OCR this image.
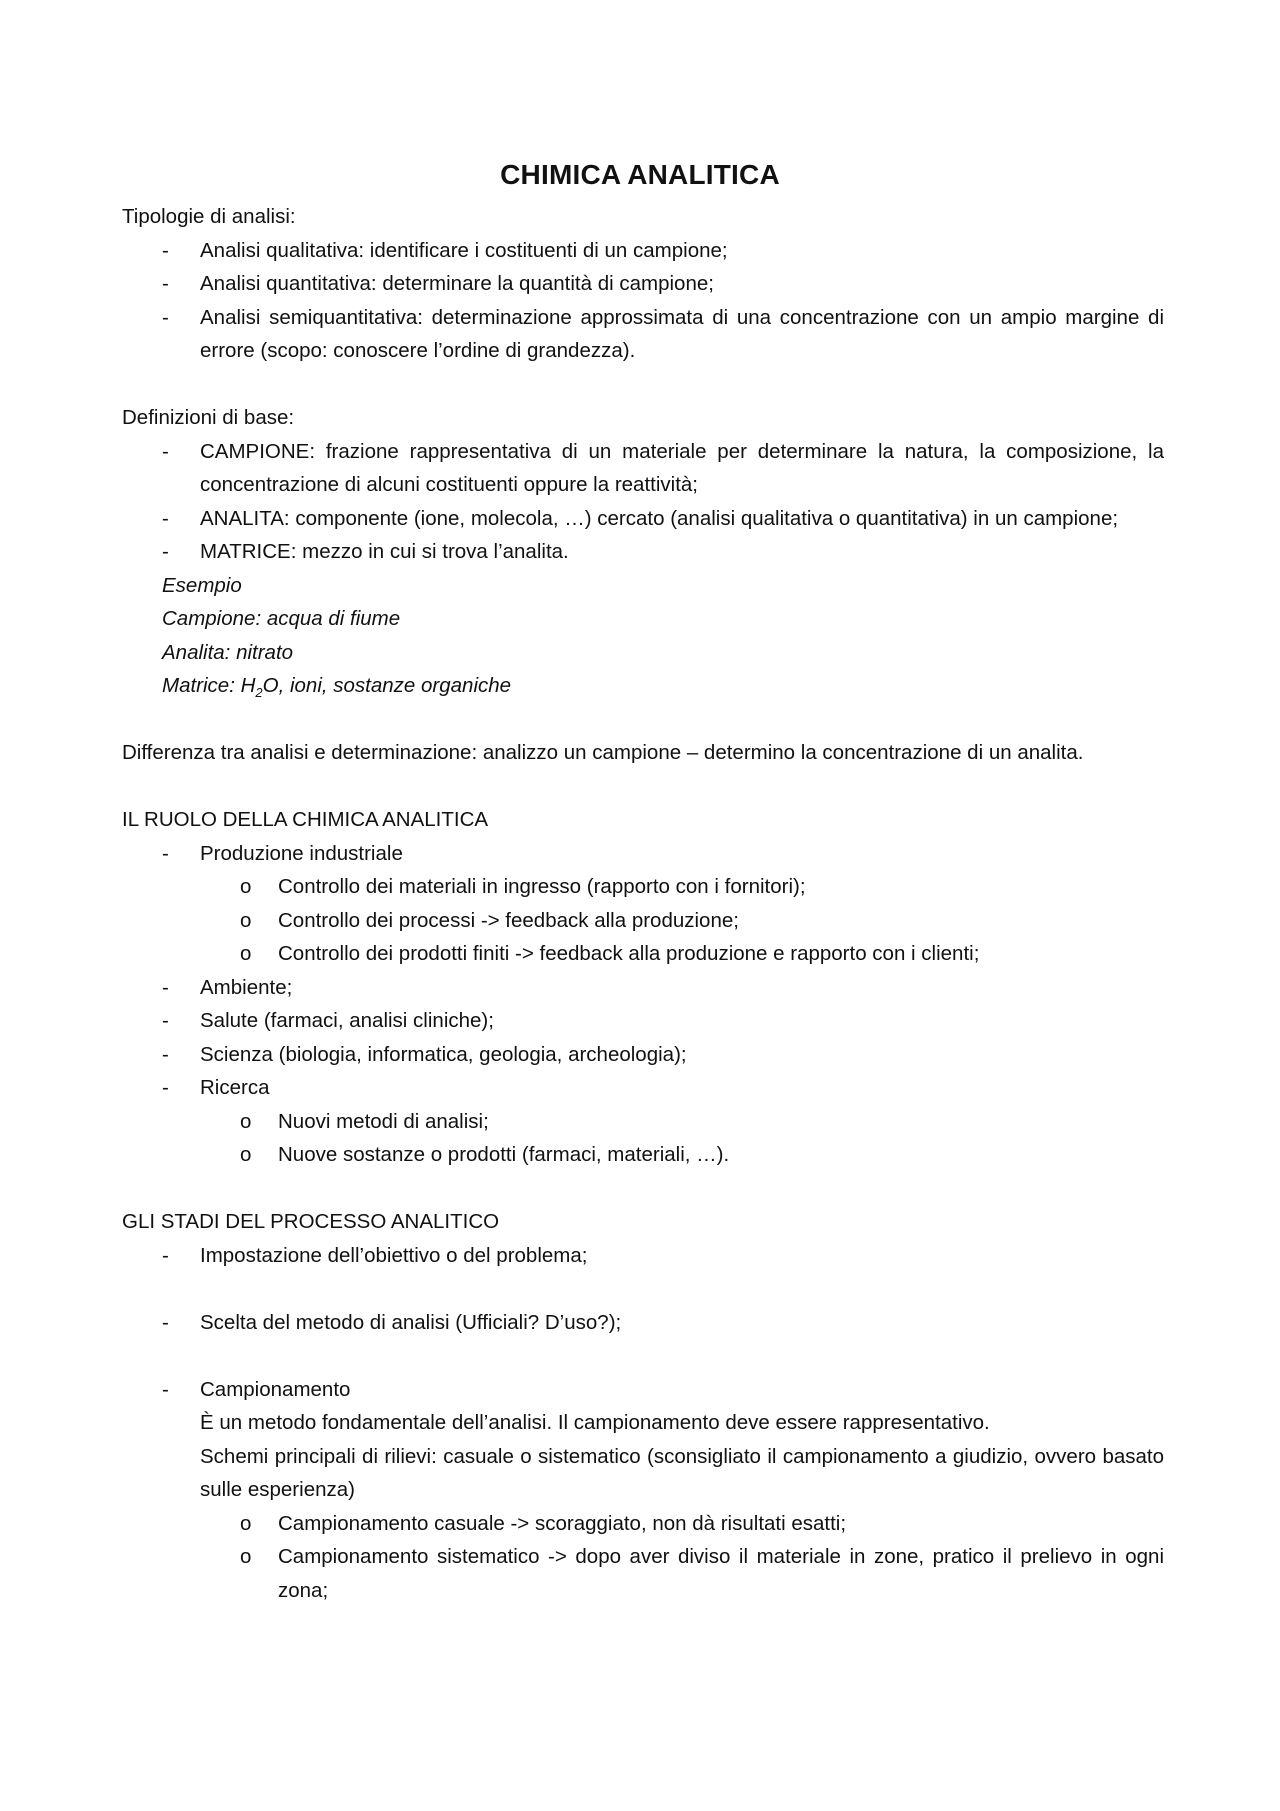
CHIMICA ANALITICA

Tipologie di analisi:

- Analisi qualitativa: identificare i costituenti di un campione;
- Analisi quantitativa: determinare la quantità di campione;
- Analisi semiquantitativa: determinazione approssimata di una concentrazione con un ampio margine di errore (scopo: conoscere l’ordine di grandezza).

Definizioni di base:

- CAMPIONE: frazione rappresentativa di un materiale per determinare la natura, la composizione, la concentrazione di alcuni costituenti oppure la reattività;
- ANALITA: componente (ione, molecola, …) cercato (analisi qualitativa o quantitativa) in un campione;
- MATRICE: mezzo in cui si trova l’analita.
Esempio
Campione: acqua di fiume
Analita: nitrato
Matrice: $H_2O$, ioni, sostanze organiche

Differenza tra analisi e determinazione: analizzo un campione – determino la concentrazione di un analita.

IL RUOLO DELLA CHIMICA ANALITICA

- Produzione industriale
o Controllo dei materiali in ingresso (rapporto con i fornitori);
o Controllo dei processi -> feedback alla produzione;
o Controllo dei prodotti finiti -> feedback alla produzione e rapporto con i clienti;
- Ambiente;
- Salute (farmaci, analisi cliniche);
- Scienza (biologia, informatica, geologia, archeologia);
- Ricerca
o Nuovi metodi di analisi;
o Nuove sostanze o prodotti (farmaci, materiali, …).

GLI STADI DEL PROCESSO ANALITICO

- Impostazione dell’obiettivo o del problema;
- Scelta del metodo di analisi (Ufficiali? D’uso?);
- Campionamento
È un metodo fondamentale dell’analisi. Il campionamento deve essere rappresentativo.
Schemi principali di rilievi: casuale o sistematico (sconsigliato il campionamento a giudizio, ovvero basato sulle esperienza)
o Campionamento casuale -> scoraggiato, non dà risultati esatti;
o Campionamento sistematico -> dopo aver diviso il materiale in zone, pratico il prelievo in ogni zona;
